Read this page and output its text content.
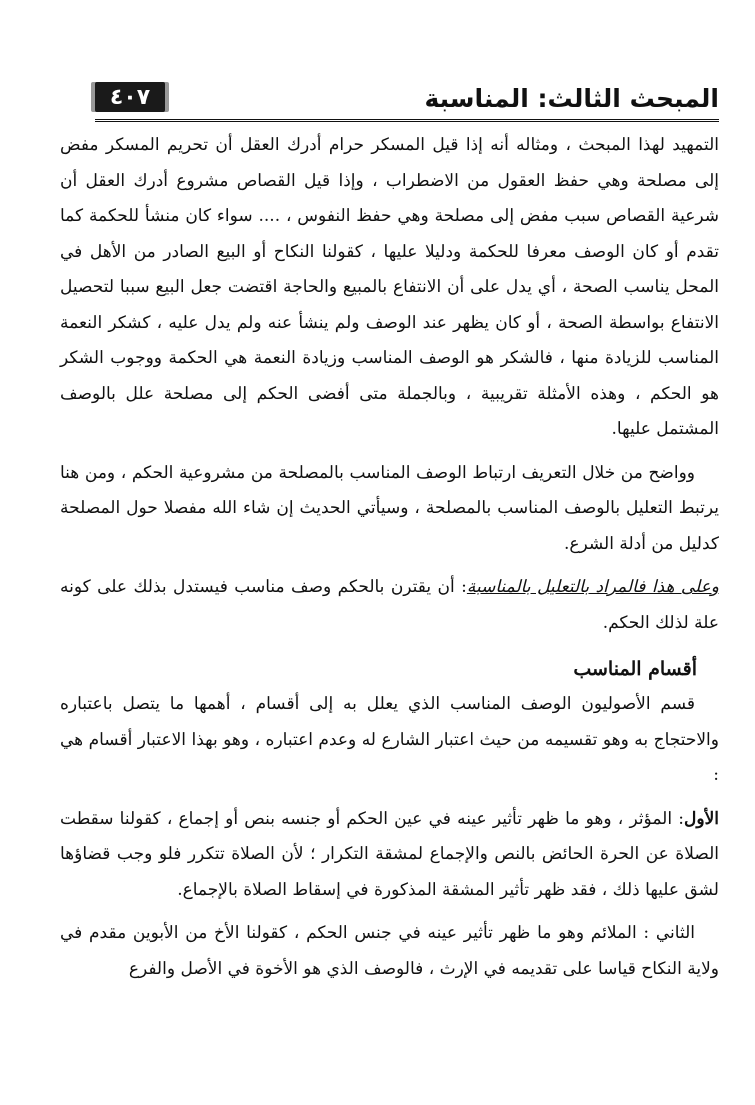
المبحث الثالث: المناسبة
٤٠٧

التمهيد لهذا المبحث ، ومثاله أنه إذا قيل المسكر حرام أدرك العقل أن تحريم المسكر مفض إلى مصلحة وهي حفظ العقول من الاضطراب ، وإذا قيل القصاص مشروع أدرك العقل أن شرعية القصاص سبب مفض إلى مصلحة وهي حفظ النفوس ، .... سواء كان منشأ للحكمة كما تقدم أو كان الوصف معرفا للحكمة ودليلا عليها ، كقولنا النكاح أو البيع الصادر من الأهل في المحل يناسب الصحة ، أي يدل على أن الانتفاع بالمبيع والحاجة اقتضت جعل البيع سببا لتحصيل الانتفاع بواسطة الصحة ، أو كان يظهر عند الوصف ولم ينشأ عنه ولم يدل عليه ، كشكر النعمة المناسب للزيادة منها ، فالشكر هو الوصف المناسب وزيادة النعمة هي الحكمة ووجوب الشكر هو الحكم ، وهذه الأمثلة تقريبية ، وبالجملة متى أفضى الحكم إلى مصلحة علل بالوصف المشتمل عليها.

وواضح من خلال التعريف ارتباط الوصف المناسب بالمصلحة من مشروعية الحكم ، ومن هنا يرتبط التعليل بالوصف المناسب بالمصلحة ، وسيأتي الحديث إن شاء الله مفصلا حول المصلحة كدليل من أدلة الشرع.

وعلى هذا فالمراد بالتعليل بالمناسبة: أن يقترن بالحكم وصف مناسب فيستدل بذلك على كونه علة لذلك الحكم.

أقسام المناسب

قسم الأصوليون الوصف المناسب الذي يعلل به إلى أقسام ، أهمها ما يتصل باعتباره والاحتجاج به وهو تقسيمه من حيث اعتبار الشارع له وعدم اعتباره ، وهو بهذا الاعتبار أقسام هي :

الأول: المؤثر ، وهو ما ظهر تأثير عينه في عين الحكم أو جنسه بنص أو إجماع ، كقولنا سقطت الصلاة عن الحرة الحائض بالنص والإجماع لمشقة التكرار ؛ لأن الصلاة تتكرر فلو وجب قضاؤها لشق عليها ذلك ، فقد ظهر تأثير المشقة المذكورة في إسقاط الصلاة بالإجماع.

الثاني : الملائم وهو ما ظهر تأثير عينه في جنس الحكم ، كقولنا الأخ من الأبوين مقدم في ولاية النكاح قياسا على تقديمه في الإرث ، فالوصف الذي هو الأخوة في الأصل والفرع
